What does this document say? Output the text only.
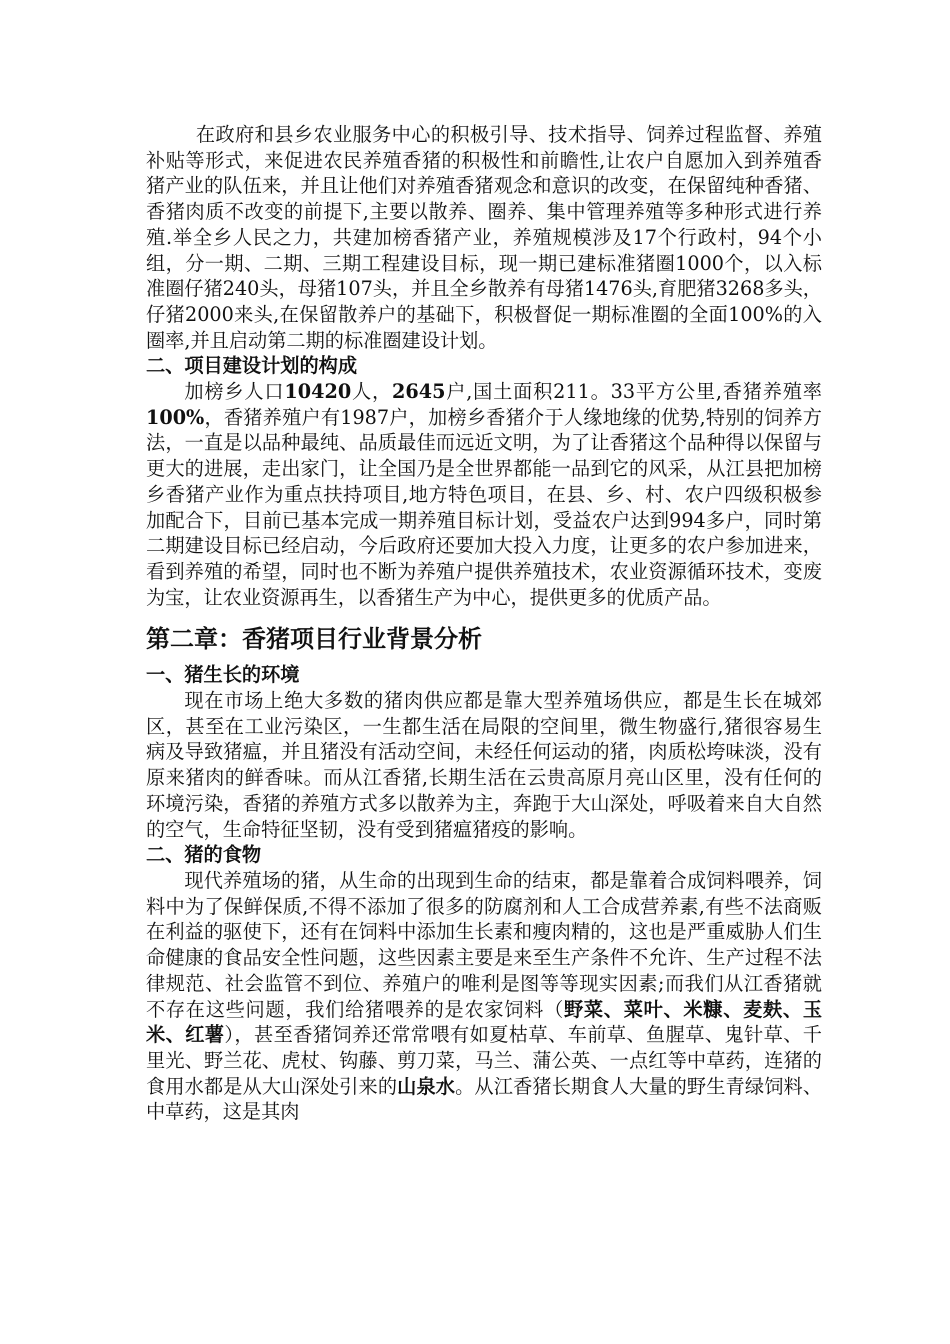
在政府和县乡农业服务中心的积极引导、技术指导、饲养过程监督、养殖补贴等形式，来促进农民养殖香猪的积极性和前瞻性,让农户自愿加入到养殖香猪产业的队伍来，并且让他们对养殖香猪观念和意识的改变，在保留纯种香猪、香猪肉质不改变的前提下,主要以散养、圈养、集中管理养殖等多种形式进行养殖.举全乡人民之力，共建加榜香猪产业，养殖规模涉及17个行政村，94个小组，分一期、二期、三期工程建设目标，现一期已建标准猪圈1000个，以入标准圈仔猪240头，母猪107头，并且全乡散养有母猪1476头,育肥猪3268多头，仔猪2000来头,在保留散养户的基础下，积极督促一期标准圈的全面100%的入圈率,并且启动第二期的标准圈建设计划。

二、项目建设计划的构成

加榜乡人口10420人，2645户,国土面积211。33平方公里,香猪养殖率100%，香猪养殖户有1987户，加榜乡香猪介于人缘地缘的优势,特别的饲养方法，一直是以品种最纯、品质最佳而远近文明，为了让香猪这个品种得以保留与更大的进展，走出家门，让全国乃是全世界都能一品到它的风采，从江县把加榜乡香猪产业作为重点扶持项目,地方特色项目，在县、乡、村、农户四级积极参加配合下，目前已基本完成一期养殖目标计划，受益农户达到994多户，同时第二期建设目标已经启动，今后政府还要加大投入力度，让更多的农户参加进来，看到养殖的希望，同时也不断为养殖户提供养殖技术，农业资源循环技术，变废为宝，让农业资源再生，以香猪生产为中心，提供更多的优质产品。

第二章：香猪项目行业背景分析
一、猪生长的环境

现在市场上绝大多数的猪肉供应都是靠大型养殖场供应，都是生长在城郊区，甚至在工业污染区，一生都生活在局限的空间里，微生物盛行,猪很容易生病及导致猪瘟，并且猪没有活动空间，未经任何运动的猪，肉质松垮味淡，没有原来猪肉的鲜香味。而从江香猪,长期生活在云贵高原月亮山区里，没有任何的环境污染，香猪的养殖方式多以散养为主，奔跑于大山深处，呼吸着来自大自然的空气，生命特征坚韧，没有受到猪瘟猪疫的影响。

二、猪的食物

现代养殖场的猪，从生命的出现到生命的结束，都是靠着合成饲料喂养，饲料中为了保鲜保质,不得不添加了很多的防腐剂和人工合成营养素,有些不法商贩在利益的驱使下，还有在饲料中添加生长素和瘦肉精的，这也是严重威胁人们生命健康的食品安全性问题，这些因素主要是来至生产条件不允许、生产过程不法律规范、社会监管不到位、养殖户的唯利是图等等现实因素;而我们从江香猪就不存在这些问题，我们给猪喂养的是农家饲料（野菜、菜叶、米糠、麦麸、玉米、红薯），甚至香猪饲养还常常喂有如夏枯草、车前草、鱼腥草、鬼针草、千里光、野兰花、虎杖、钩藤、剪刀菜，马兰、蒲公英、一点红等中草药，连猪的食用水都是从大山深处引来的山泉水。从江香猪长期食人大量的野生青绿饲料、中草药，这是其肉
